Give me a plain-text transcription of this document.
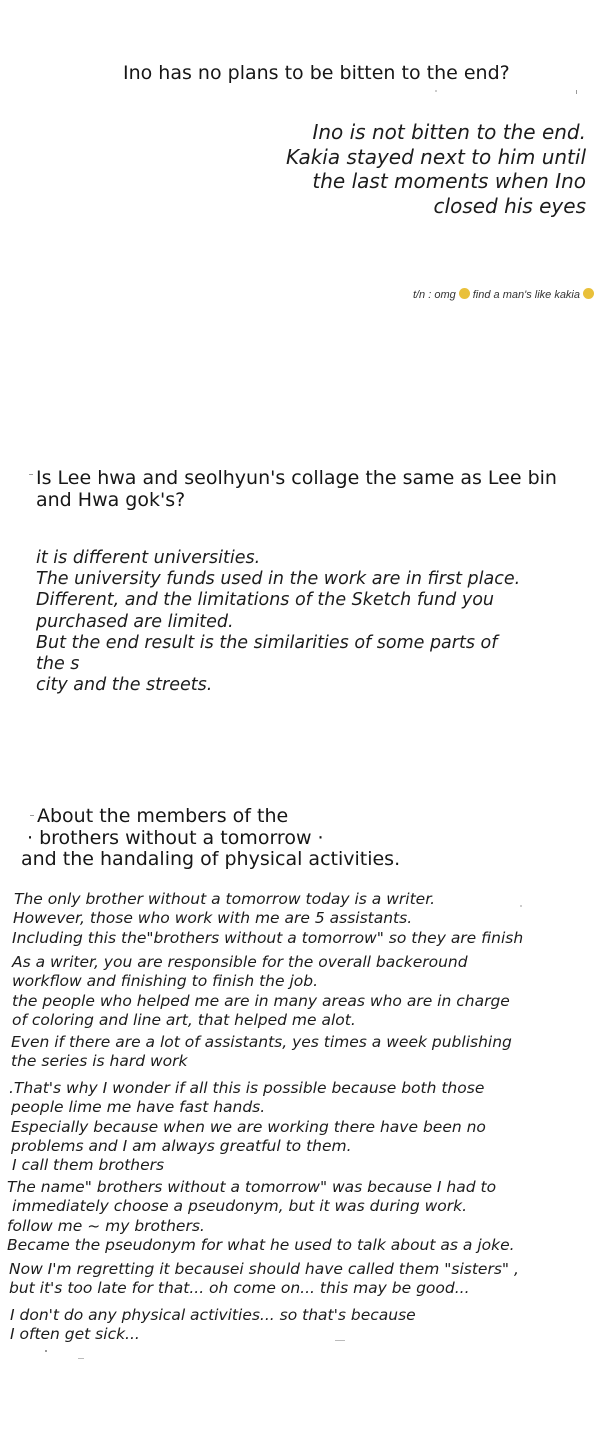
Ino has no plans to be bitten to the end?
Ino is not bitten to the end.
Kakia stayed next to him until
the last moments when Ino
closed his eyes
t/n : omg find a man's like kakia
Is Lee hwa and seolhyun's collage the same as Lee bin
and Hwa gok's?
it is different universities.
The university funds used in the work are in first place.
Different, and the limitations of the Sketch fund you
purchased are limited.
But the end result is the similarities of some parts of
the s
city and the streets.
About the members of the
· brothers without a tomorrow ·
and the handaling of physical activities.
The only brother without a tomorrow today is a writer.
However, those who work with me are 5 assistants.
Including this the"brothers without a tomorrow" so they are finish
As a writer, you are responsible for the overall backeround
workflow and finishing to finish the job.
the people who helped me are in many areas who are in charge
of coloring and line art, that helped me alot.
Even if there are a lot of assistants, yes times a week publishing
the series is hard work
.That's why I wonder if all this is possible because both those
people lime me have fast hands.
Especially because when we are working there have been no
problems and I am always greatful to them.
I call them brothers
The name" brothers without a tomorrow" was because I had to
immediately choose a pseudonym, but it was during work.
follow me ~ my brothers.
Became the pseudonym for what he used to talk about as a joke.
Now I'm regretting it becausei should have called them "sisters" ,
but it's too late for that... oh come on... this may be good...
I don't do any physical activities... so that's because
I often get sick...
